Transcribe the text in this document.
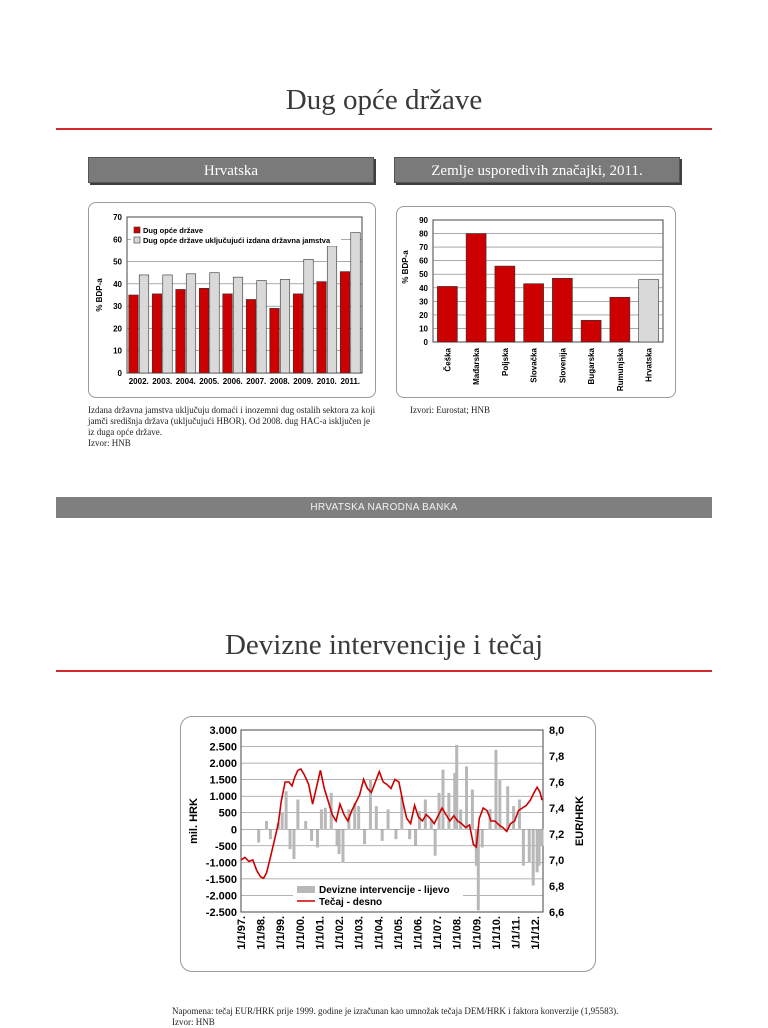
Dug opće države
Hrvatska	Zemlje usporedivih značajki, 2011.
0
10
20
30
40
50
60
70
% BDP-a
2002. 2003. 2004. 2005. 2006. 2007. 2008. 2009. 2010. 2011.
Dug opće države
Dug opće države uključujući izdana državna jamstva
0
10
20
30
40
50
60
70
80
90
% BDP-a
Češka Mađarska Poljska Slovačka Slovenija Bugarska Rumunjska Hrvatska
Izdana državna jamstva uključuju domaći i inozemni dug ostalih sektora za koji jamči središnja država (uključujući HBOR). Od 2008. dug HAC-a isključen je iz duga opće države.
Izvor: HNB
Izvori: Eurostat; HNB
HRVATSKA NARODNA BANKA
Devizne intervencije i tečaj
3.000
2.500
2.000
1.500
1.000
500
0
-500
-1.000
-1.500
-2.000
-2.500
8,0
7,8
7,6
7,4
7,2
7,0
6,8
6,6
mil. HRK	EUR/HRK
1/1/97. 1/1/98. 1/1/99. 1/1/00. 1/1/01. 1/1/02. 1/1/03. 1/1/04. 1/1/05. 1/1/06. 1/1/07. 1/1/08. 1/1/09. 1/1/10. 1/1/11. 1/1/12.
Devizne intervencije - lijevo
Tečaj - desno
Napomena: tečaj EUR/HRK prije 1999. godine je izračunan kao umnožak tečaja DEM/HRK i faktora konverzije (1,95583).
Izvor: HNB
